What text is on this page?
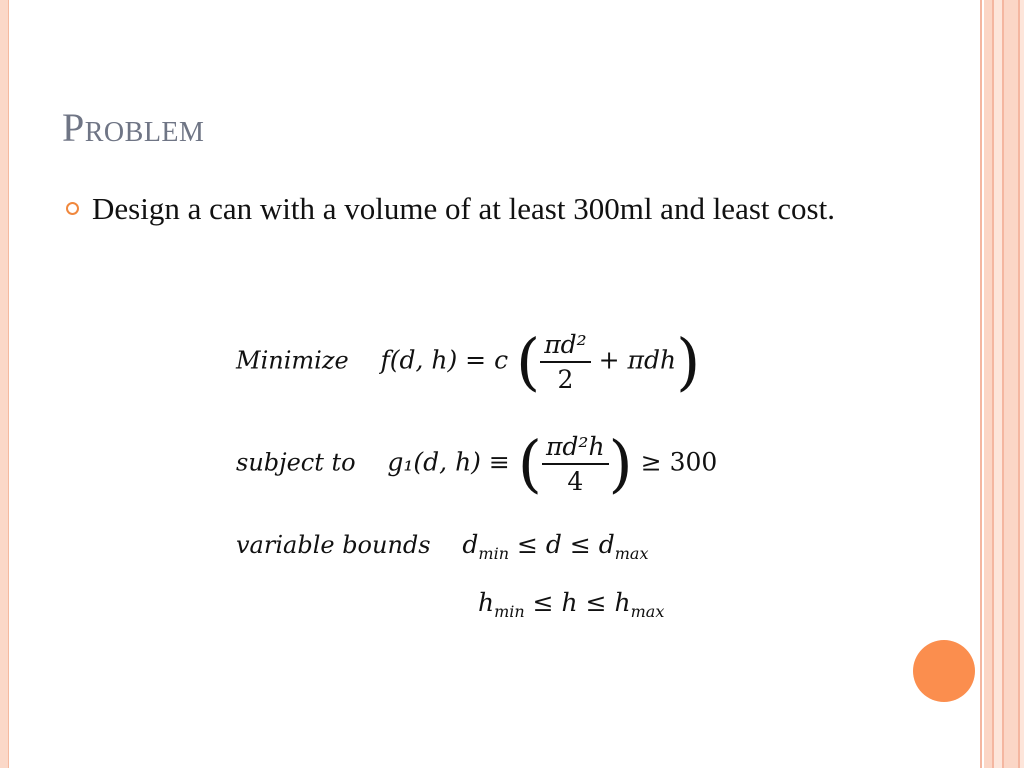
Problem

Design a can with a volume of at least 300ml and least cost.

Minimize f(d, h) = c ( $\frac{\text{πd²}}{2} + \pi dh$)
subject to g₁(d, h) ≡ ( $\frac{\text{πd²h}}{4}$ ) ≥ 300
variable bounds $d_{min} \le d \le d_{max}$
$h_{min} \le h \le h_{max}$
